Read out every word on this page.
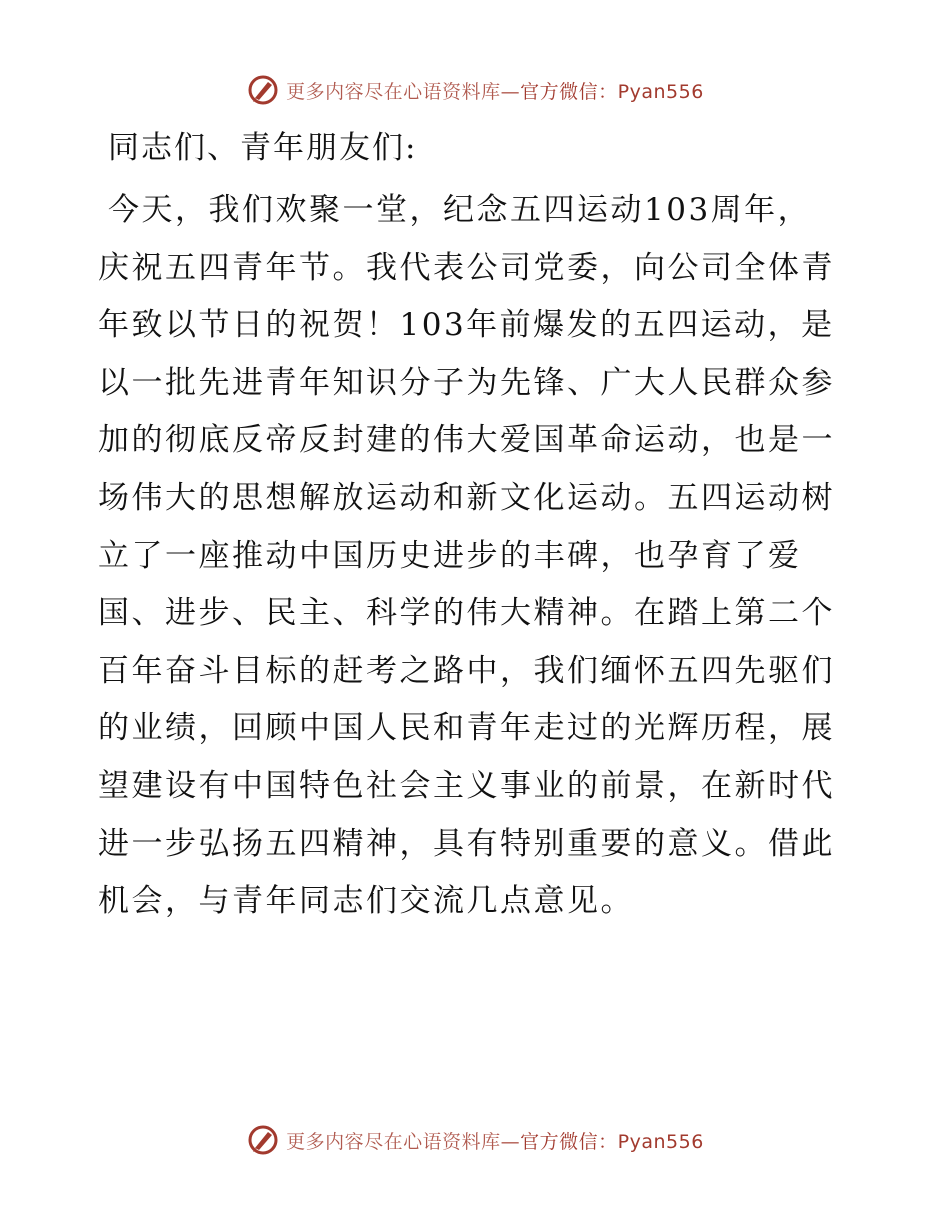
更多内容尽在心语资料库—官方微信：Pyan556

同志们、青年朋友们:

今天，我们欢聚一堂，纪念五四运动103周年，

庆祝五四青年节。我代表公司党委，向公司全体青

年致以节日的祝贺！103年前爆发的五四运动，是

以一批先进青年知识分子为先锋、广大人民群众参

加的彻底反帝反封建的伟大爱国革命运动，也是一

场伟大的思想解放运动和新文化运动。五四运动树

立了一座推动中国历史进步的丰碑，也孕育了爱

国、进步、民主、科学的伟大精神。在踏上第二个

百年奋斗目标的赶考之路中，我们缅怀五四先驱们

的业绩，回顾中国人民和青年走过的光辉历程，展

望建设有中国特色社会主义事业的前景，在新时代

进一步弘扬五四精神，具有特别重要的意义。借此

机会，与青年同志们交流几点意见。

更多内容尽在心语资料库—官方微信：Pyan556
